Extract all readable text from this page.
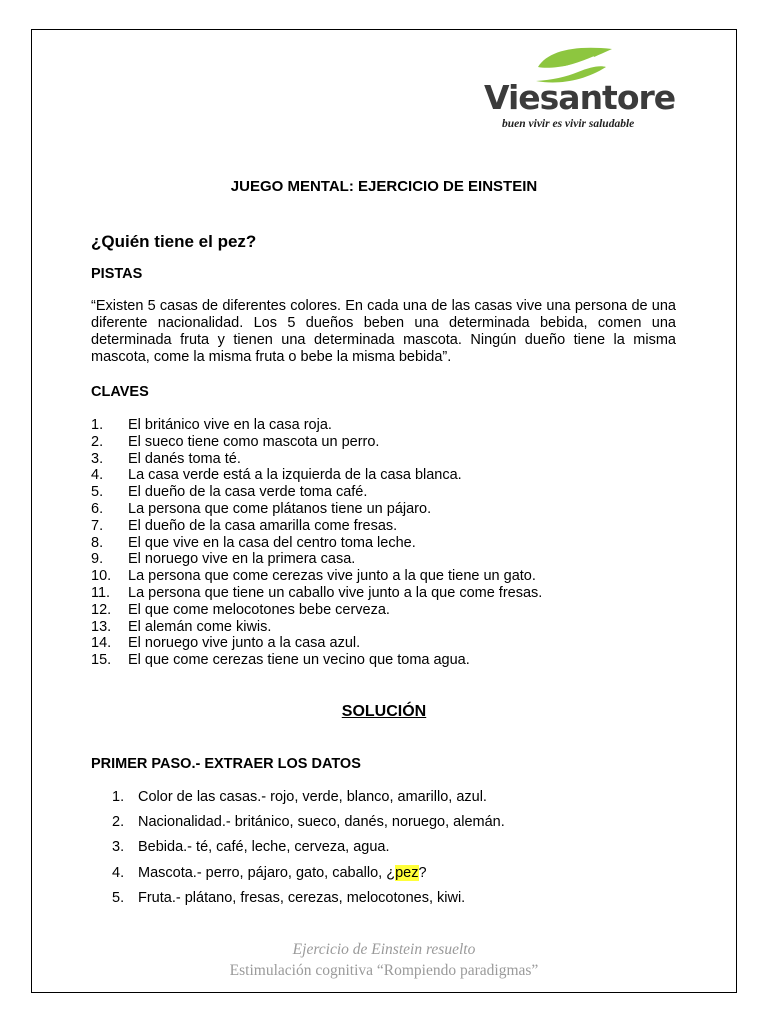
Viesantore
buen vivir es vivir saludable
JUEGO MENTAL: EJERCICIO DE EINSTEIN
¿Quién tiene el pez?
PISTAS

“Existen 5 casas de diferentes colores. En cada una de las casas vive una persona de una diferente nacionalidad. Los 5 dueños beben una determinada bebida, comen una determinada fruta y tienen una determinada mascota. Ningún dueño tiene la misma mascota, come la misma fruta o bebe la misma bebida”.

CLAVES
1. El británico vive en la casa roja.
2. El sueco tiene como mascota un perro.
3. El danés toma té.
4. La casa verde está a la izquierda de la casa blanca.
5. El dueño de la casa verde toma café.
6. La persona que come plátanos tiene un pájaro.
7. El dueño de la casa amarilla come fresas.
8. El que vive en la casa del centro toma leche.
9. El noruego vive en la primera casa.
10. La persona que come cerezas vive junto a la que tiene un gato.
11. La persona que tiene un caballo vive junto a la que come fresas.
12. El que come melocotones bebe cerveza.
13. El alemán come kiwis.
14. El noruego vive junto a la casa azul.
15. El que come cerezas tiene un vecino que toma agua.
SOLUCIÓN
PRIMER PASO.- EXTRAER LOS DATOS
1. Color de las casas.- rojo, verde, blanco, amarillo, azul.
2. Nacionalidad.- británico, sueco, danés, noruego, alemán.
3. Bebida.- té, café, leche, cerveza, agua.
4. Mascota.- perro, pájaro, gato, caballo, ¿pez?
5. Fruta.- plátano, fresas, cerezas, melocotones, kiwi.
Ejercicio de Einstein resuelto
Estimulación cognitiva “Rompiendo paradigmas”
